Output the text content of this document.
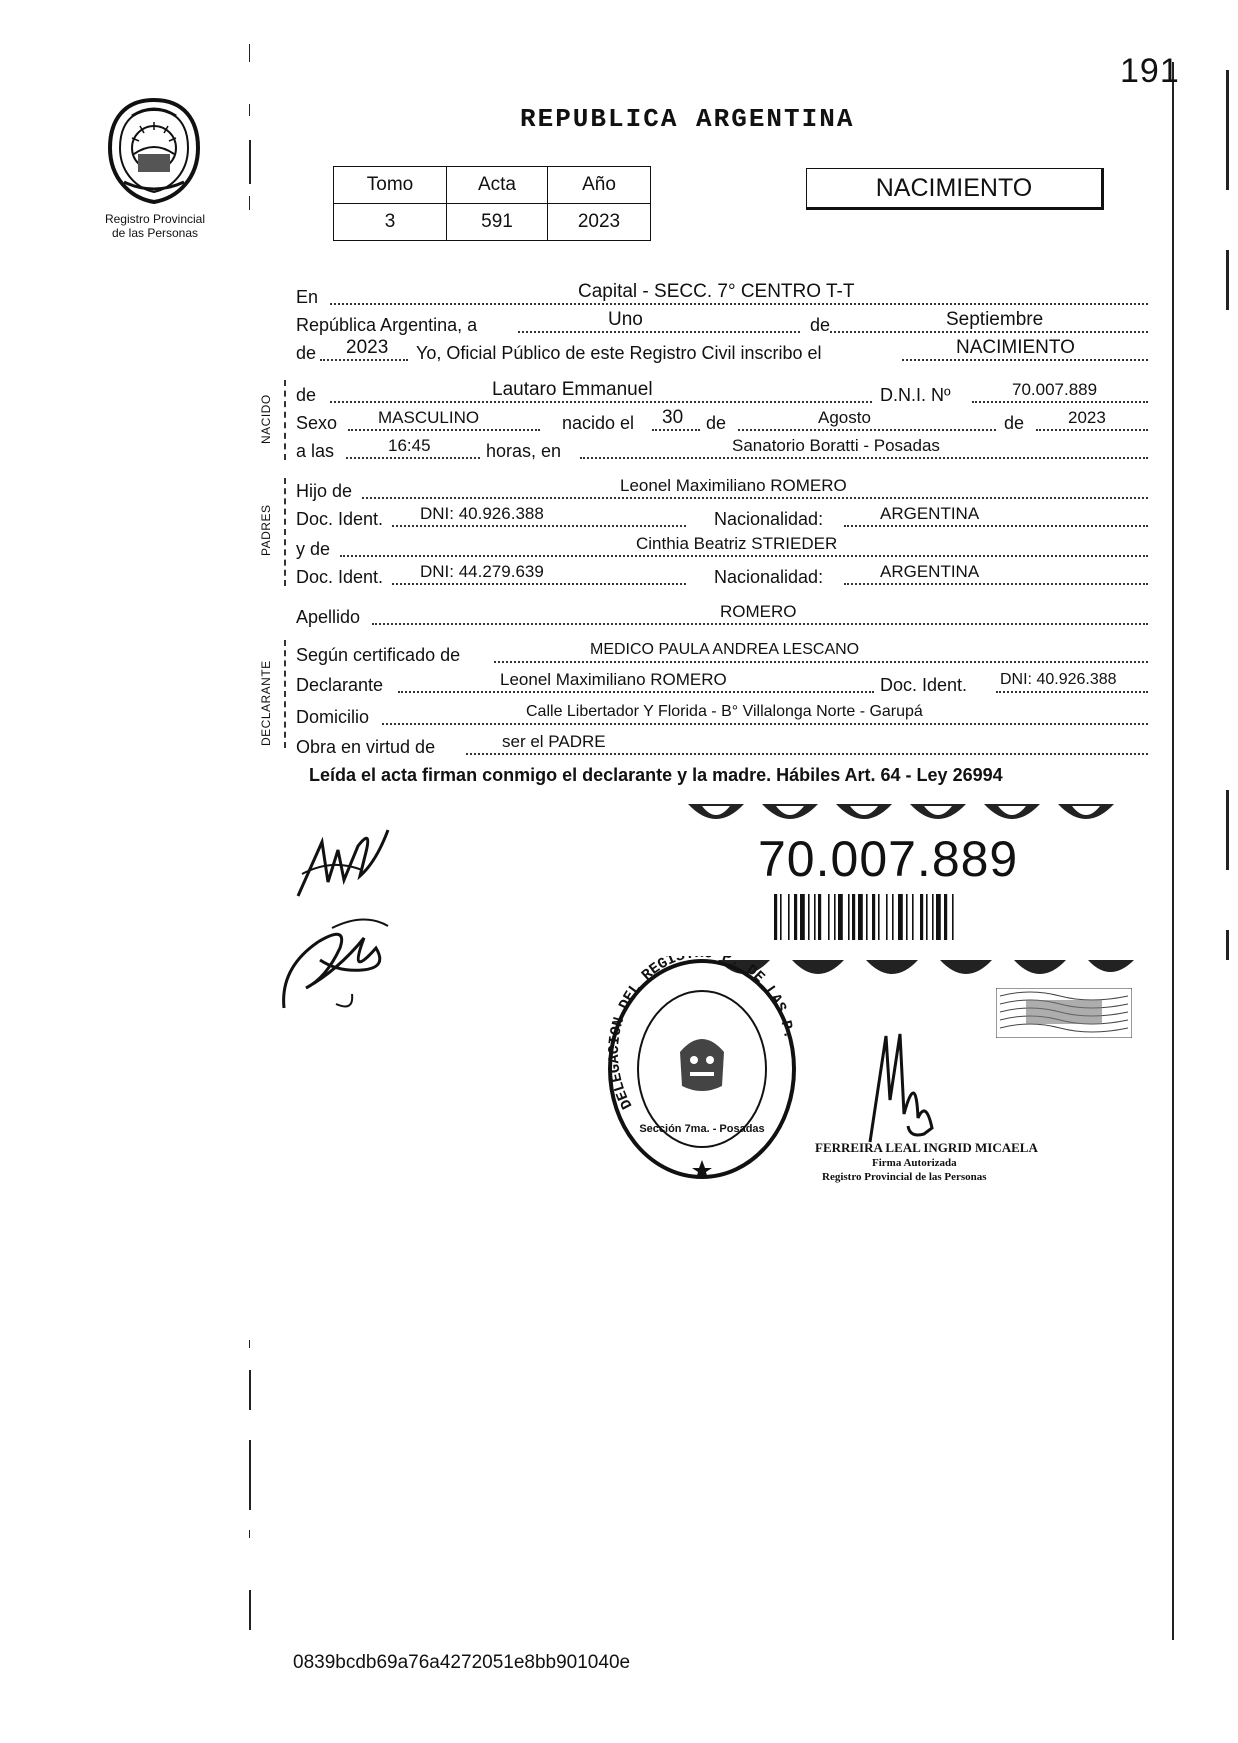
191
Registro Provincial
de las Personas
REPUBLICA ARGENTINA
Tomo	Acta	Año
3	591	2023
NACIMIENTO
NACIDO
PADRES
DECLARANTE
En	Capital - SECC. 7° CENTRO T-T
República Argentina, a	Uno	de	Septiembre
de 2023 Yo, Oficial Público de este Registro Civil inscribo el	NACIMIENTO
de	Lautaro Emmanuel	D.N.I. Nº	70.007.889
Sexo MASCULINO	nacido el 30 de	Agosto	de	2023
a las	16:45	horas, en	Sanatorio Boratti - Posadas
Hijo de	Leonel Maximiliano ROMERO
Doc. Ident. DNI: 40.926.388	Nacionalidad:	ARGENTINA
y de	Cinthia Beatriz STRIEDER
Doc. Ident. DNI: 44.279.639	Nacionalidad:	ARGENTINA
Apellido	ROMERO
Según certificado de	MEDICO PAULA ANDREA LESCANO
Declarante	Leonel Maximiliano ROMERO	Doc. Ident. DNI: 40.926.388
Domicilio	Calle Libertador Y Florida - B° Villalonga Norte - Garupá
Obra en virtud de	ser el PADRE
Leída el acta firman conmigo el declarante y la madre. Hábiles Art. 64 - Ley 26994
70.007.889
DELEGACION DEL REGIS P. DE LAS P.
Sección 7ma. - Posadas
FERREIRA LEAL INGRID MICAELA
Firma Autorizada
Registro Provincial de las Personas
0839bcdb69a76a4272051e8bb901040e
